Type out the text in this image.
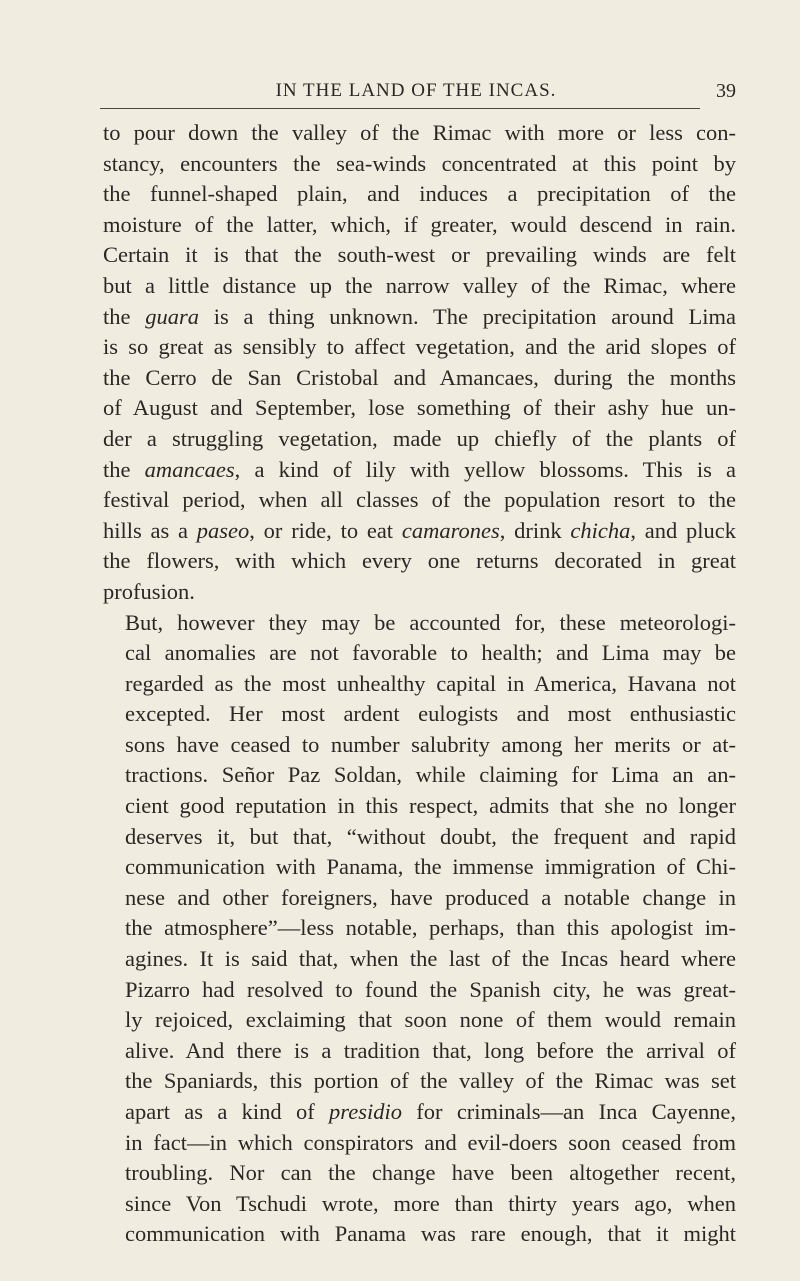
IN THE LAND OF THE INCAS.	39
to pour down the valley of the Rimac with more or less con-
stancy, encounters the sea-winds concentrated at this point by
the funnel-shaped plain, and induces a precipitation of the
moisture of the latter, which, if greater, would descend in rain.
Certain it is that the south-west or prevailing winds are felt
but a little distance up the narrow valley of the Rimac, where
the guara is a thing unknown. The precipitation around Lima
is so great as sensibly to affect vegetation, and the arid slopes of
the Cerro de San Cristobal and Amancaes, during the months
of August and September, lose something of their ashy hue un-
der a struggling vegetation, made up chiefly of the plants of
the amancaes, a kind of lily with yellow blossoms. This is a
festival period, when all classes of the population resort to the
hills as a paseo, or ride, to eat camarones, drink chicha, and pluck
the flowers, with which every one returns decorated in great
profusion.
But, however they may be accounted for, these meteorologi-
cal anomalies are not favorable to health; and Lima may be
regarded as the most unhealthy capital in America, Havana not
excepted. Her most ardent eulogists and most enthusiastic
sons have ceased to number salubrity among her merits or at-
tractions. Señor Paz Soldan, while claiming for Lima an an-
cient good reputation in this respect, admits that she no longer
deserves it, but that, “without doubt, the frequent and rapid
communication with Panama, the immense immigration of Chi-
nese and other foreigners, have produced a notable change in
the atmosphere”—less notable, perhaps, than this apologist im-
agines. It is said that, when the last of the Incas heard where
Pizarro had resolved to found the Spanish city, he was great-
ly rejoiced, exclaiming that soon none of them would remain
alive. And there is a tradition that, long before the arrival of
the Spaniards, this portion of the valley of the Rimac was set
apart as a kind of presidio for criminals—an Inca Cayenne,
in fact—in which conspirators and evil-doers soon ceased from
troubling. Nor can the change have been altogether recent,
since Von Tschudi wrote, more than thirty years ago, when
communication with Panama was rare enough, that it might
